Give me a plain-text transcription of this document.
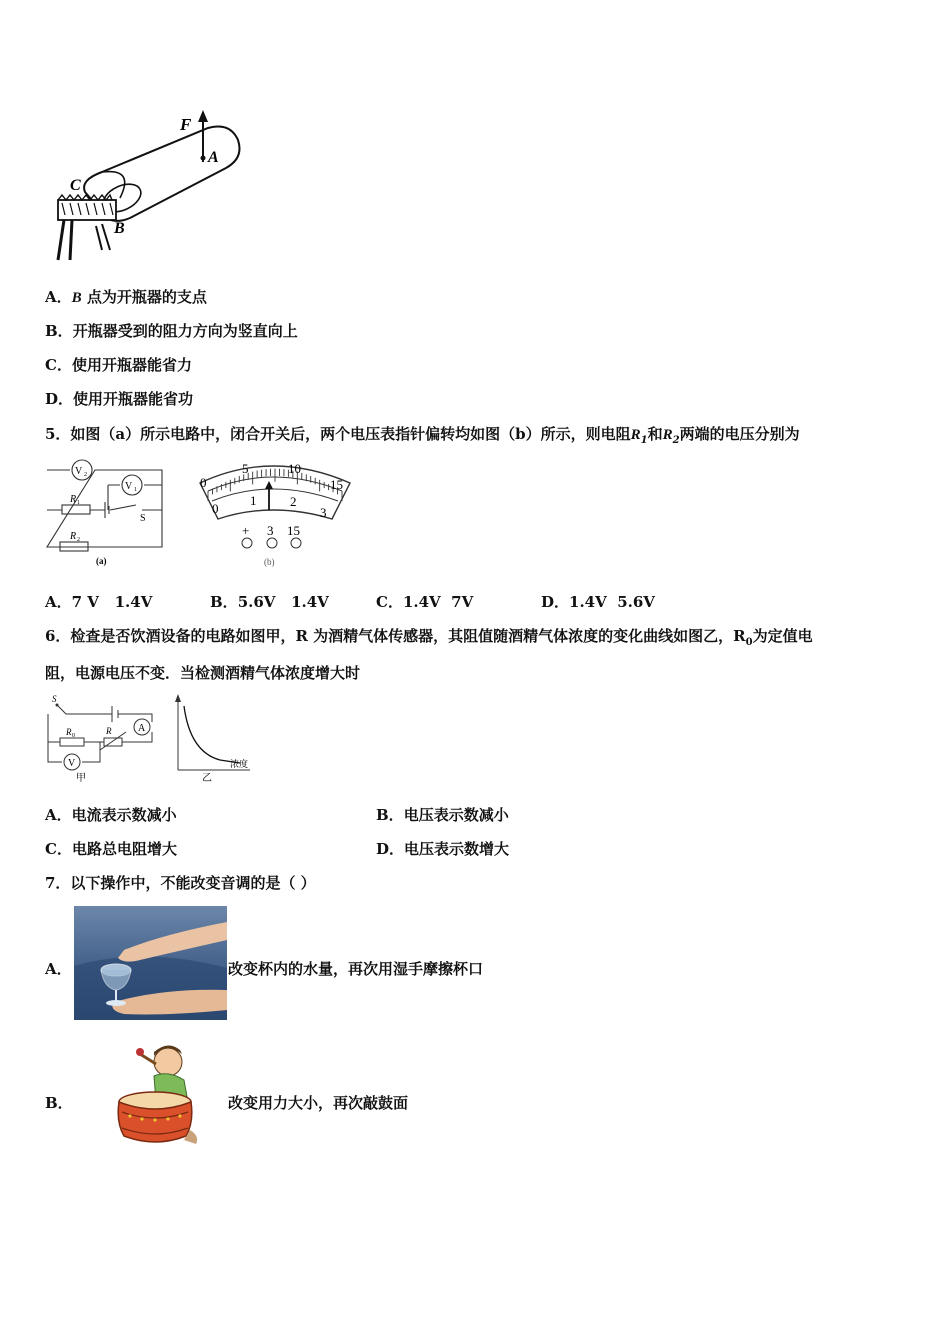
F
A
C
B
A．B 点为开瓶器的支点
B．开瓶器受到的阻力方向为竖直向上
C．使用开瓶器能省力
D．使用开瓶器能省功
5．如图（a）所示电路中，闭合开关后，两个电压表指针偏转均如图（b）所示，则电阻$R_1$和$R_2$两端的电压分别为
V 2
V 1
R 1
R 2
S
(a)
0
5	10
15
0
1	2
3
+ 3 15
(b)
A．7 V   1.4V	B．5.6V   1.4V	C．1.4V  7V	D．1.4V  5.6V
6．检查是否饮酒设备的电路如图甲，R 为酒精气体传感器，其阻值随酒精气体浓度的变化曲线如图乙，$R_0$为定值电
阻，电源电压不变．当检测酒精气体浓度增大时
S
R 0	R	A
V
甲
浓度
乙
A．电流表示数减小	B．电压表示数减小
C．电路总电阻增大	D．电压表示数增大
7．以下操作中，不能改变音调的是（ ）
A．	改变杯内的水量，再次用湿手摩擦杯口
B．	改变用力大小，再次敲鼓面
